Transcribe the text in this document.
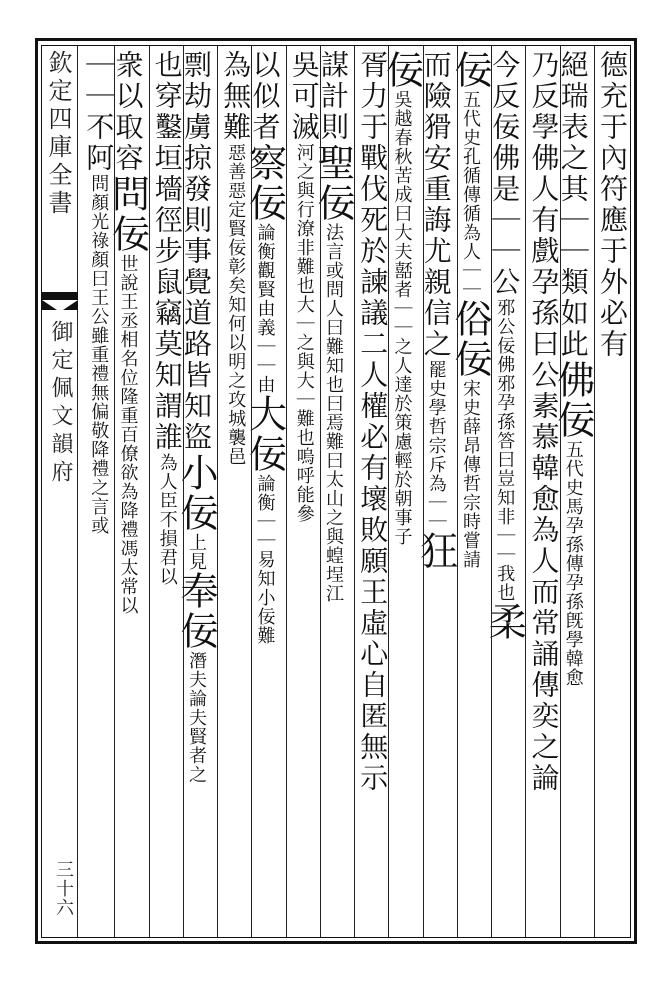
欽定四庫全書
御定佩文韻府
三十六
德充于內符應于外必有
絕瑞表之其｜｜類如此佛佞五代史馬孕孫傳孕孫旣學韓愈
乃反學佛人有戲孕孫曰公素慕韓愈為人而常誦傳奕之論
今反佞佛是｜｜公邪公佞佛邪孕孫答曰豈知非｜｜我也柔
佞五代史孔循傳循為人｜｜俗佞宋史薛昂傳哲宗時嘗請
而險猾安重誨尤親信之罷史學哲宗斥為｜｜狂
佞吳越春秋苦成曰大夫嚭者｜｜之人達於策慮輕於朝事子
胥力于戰伐死於諫議二人權必有壞敗願王虛心自匿無示
謀計則聖佞法言或問人曰難知也曰焉難曰太山之與蝗埕江
吳可滅河之與行潦非難也大｜之與大｜難也嗚呼能參
以似者察佞論衡觀賢由義｜｜由大佞論衡｜｜易知小佞難
為無難惡善惡定賢佞彰矣知何以明之攻城襲邑
剽劫虜掠發則事覺道路皆知盜小佞上見奉佞潛夫論夫賢者之
也穿鑿垣墻徑步鼠竊莫知謂誰為人臣不損君以
衆以取容問佞世說王丞相名位隆重百僚欲為降禮馮太常以
｜｜不阿問顏光祿顏曰王公雖重禮無偏敬降禮之言或
